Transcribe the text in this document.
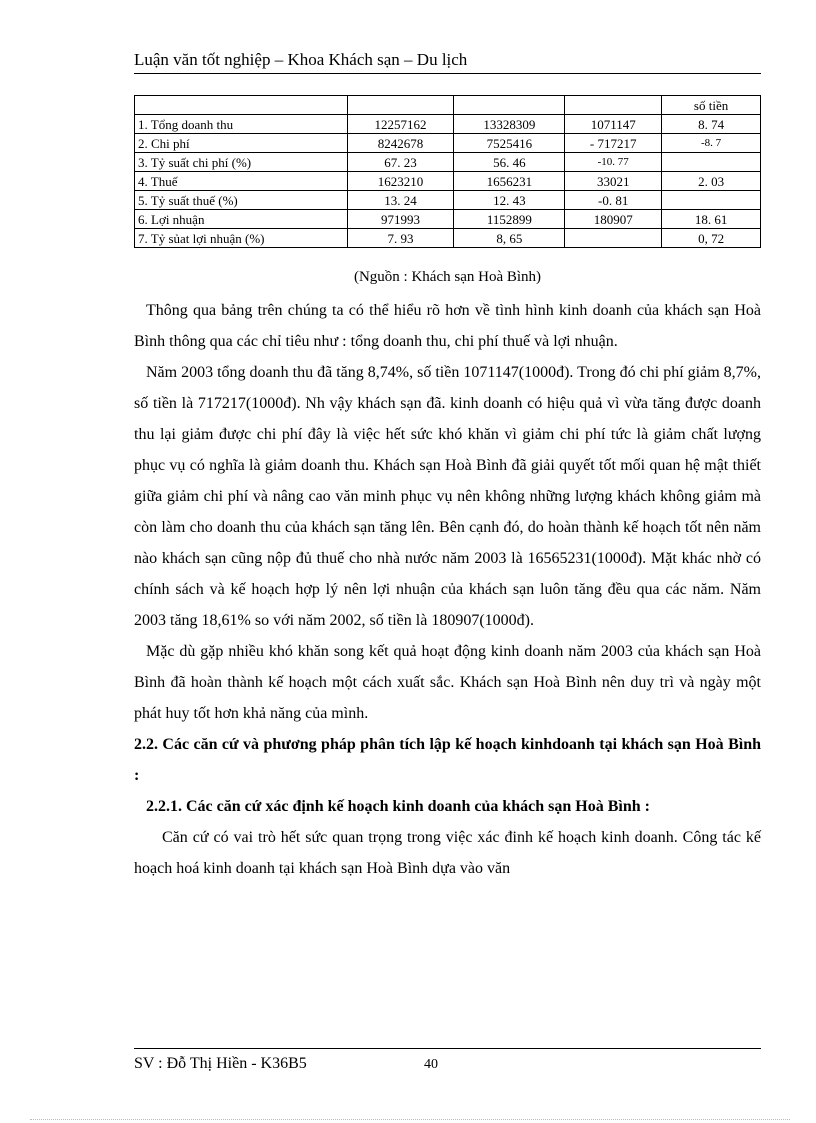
Luận văn tốt nghiệp – Khoa Khách sạn – Du lịch
				số tiền
1. Tổng doanh thu	12257162	13328309	1071147	8. 74
2. Chi phí	8242678	7525416	- 717217	-8. 7
3. Tỷ suất chi phí (%)	67. 23	56. 46	-10. 77	
4. Thuế	1623210	1656231	33021	2. 03
5. Tỷ suất thuế (%)	13. 24	12. 43	-0. 81	
6. Lợi nhuận	971993	1152899	180907	18. 61
7. Tỷ sủat lợi nhuận (%)	7. 93	8, 65		0, 72
(Nguồn : Khách sạn Hoà Bình)

Thông qua bảng trên chúng ta có thể hiểu rõ hơn về tình hình kinh doanh của khách sạn Hoà Bình thông qua các chỉ tiêu như : tổng doanh thu, chi phí thuế và lợi nhuận.

Năm 2003 tổng doanh thu đã tăng 8,74%, số tiền 1071147(1000đ). Trong đó chi phí giảm 8,7%, số tiền là 717217(1000đ). Nh vậy khách sạn đã. kinh doanh có hiệu quả vì vừa tăng được doanh thu lại giảm được chi phí đây là việc hết sức khó khăn vì giảm chi phí tức là giảm chất lượng phục vụ có nghĩa là giảm doanh thu. Khách sạn Hoà Bình đã giải quyết tốt mối quan hệ mật thiết giữa giảm chi phí và nâng cao văn minh phục vụ nên không những lượng khách không giảm mà còn làm cho doanh thu của khách sạn tăng lên. Bên cạnh đó, do hoàn thành kế hoạch tốt nên năm nào khách sạn cũng nộp đủ thuế cho nhà nước năm 2003 là 16565231(1000đ). Mặt khác nhờ có chính sách và kế hoạch hợp lý nên lợi nhuận của khách sạn luôn tăng đều qua các năm. Năm 2003 tăng 18,61% so với năm 2002, số tiền là 180907(1000đ).

Mặc dù gặp nhiều khó khăn song kết quả hoạt động kinh doanh năm 2003 của khách sạn Hoà Bình đã hoàn thành kế hoạch một cách xuất sắc. Khách sạn Hoà Bình nên duy trì và ngày một phát huy tốt hơn khả năng của mình.

2.2. Các căn cứ và phương pháp phân tích lập kế hoạch kinhdoanh tại khách sạn Hoà Bình :

2.2.1. Các căn cứ xác định kế hoạch kinh doanh của khách sạn Hoà Bình :

Căn cứ có vai trò hết sức quan trọng trong việc xác đinh kế hoạch kinh doanh. Công tác kế hoạch hoá kinh doanh tại khách sạn Hoà Bình dựa vào văn

SV : Đỗ Thị Hiền - K36B5	40
